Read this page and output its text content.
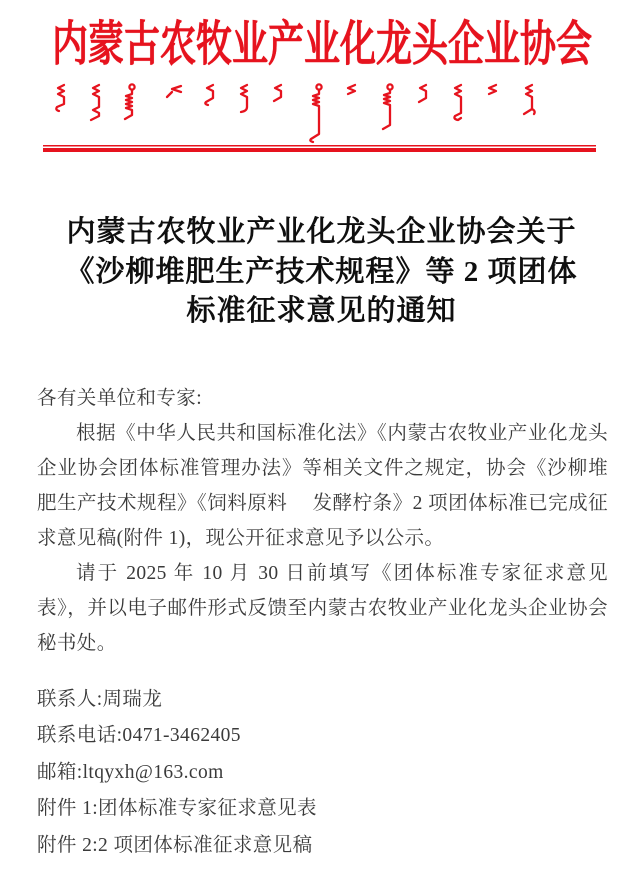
内蒙古农牧业产业化龙头企业协会
内蒙古农牧业产业化龙头企业协会关于
《沙柳堆肥生产技术规程》等 2 项团体
标准征求意见的通知

各有关单位和专家:

根据《中华人民共和国标准化法》《内蒙古农牧业产业化龙头企业协会团体标准管理办法》等相关文件之规定，协会《沙柳堆肥生产技术规程》《饲料原料　 发酵柠条》2 项团体标准已完成征求意见稿(附件 1)，现公开征求意见予以公示。

请于 2025 年 10 月 30 日前填写《团体标准专家征求意见表》，并以电子邮件形式反馈至内蒙古农牧业产业化龙头企业协会秘书处。

联系人:周瑞龙

联系电话:0471-3462405

邮箱:ltqyxh@163.com

附件 1:团体标准专家征求意见表

附件 2:2 项团体标准征求意见稿
